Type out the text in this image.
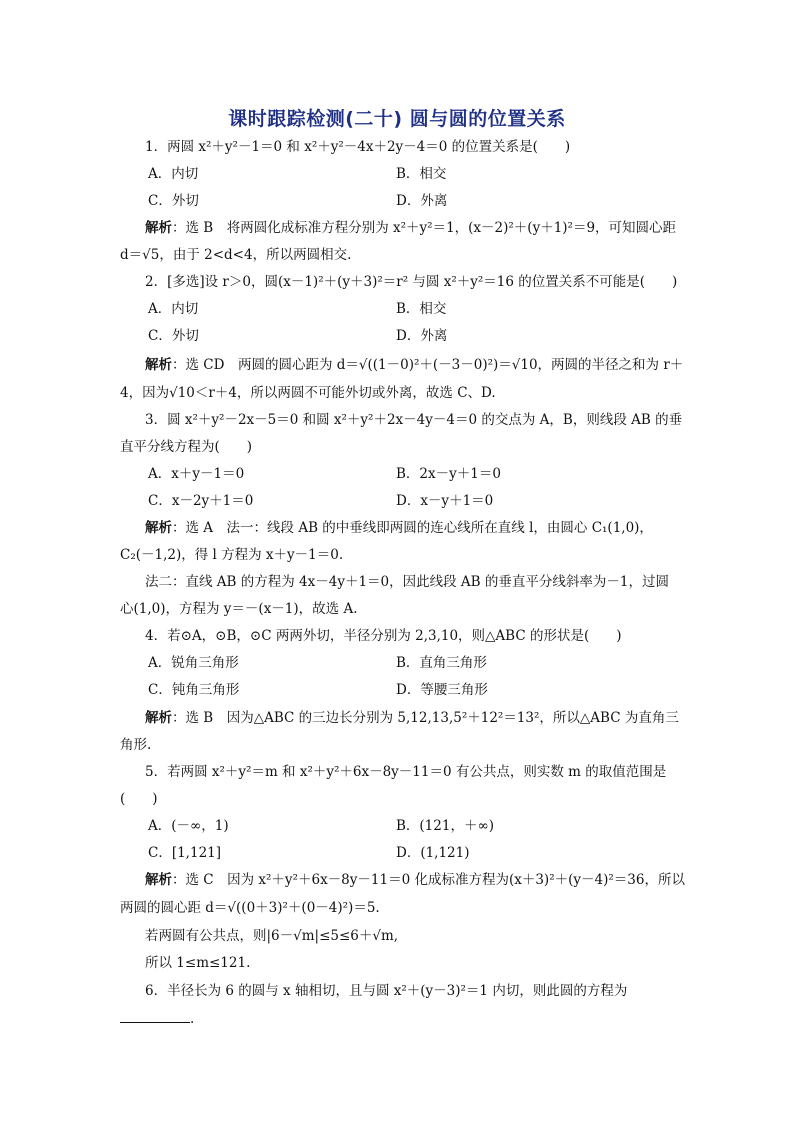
课时跟踪检测(二十) 圆与圆的位置关系
1．两圆 x²＋y²－1＝0 和 x²＋y²－4x＋2y－4＝0 的位置关系是(　　)
A．内切	B．相交
C．外切	D．外离
解析：选 B　将两圆化成标准方程分别为 x²＋y²＝1，(x－2)²＋(y＋1)²＝9，可知圆心距
d＝√5，由于 2<d<4，所以两圆相交.
2．[多选]设 r＞0，圆(x－1)²＋(y＋3)²＝r² 与圆 x²＋y²＝16 的位置关系不可能是(　　)
A．内切	B．相交
C．外切	D．外离
解析：选 CD　两圆的圆心距为 d＝√((1－0)²＋(－3－0)²)＝√10，两圆的半径之和为 r＋
4，因为√10＜r＋4，所以两圆不可能外切或外离，故选 C、D.
3．圆 x²＋y²－2x－5＝0 和圆 x²＋y²＋2x－4y－4＝0 的交点为 A，B，则线段 AB 的垂
直平分线方程为(　　)
A．x＋y－1＝0	B．2x－y＋1＝0
C．x－2y＋1＝0	D．x－y＋1＝0
解析：选 A　法一：线段 AB 的中垂线即两圆的连心线所在直线 l，由圆心 C₁(1,0)，
C₂(－1,2)，得 l 方程为 x＋y－1＝0.
法二：直线 AB 的方程为 4x－4y＋1＝0，因此线段 AB 的垂直平分线斜率为－1，过圆
心(1,0)，方程为 y＝－(x－1)，故选 A.
4．若⊙A，⊙B，⊙C 两两外切，半径分别为 2,3,10，则△ABC 的形状是(　　)
A．锐角三角形	B．直角三角形
C．钝角三角形	D．等腰三角形
解析：选 B　因为△ABC 的三边长分别为 5,12,13,5²＋12²＝13²，所以△ABC 为直角三
角形.
5．若两圆 x²＋y²＝m 和 x²＋y²＋6x－8y－11＝0 有公共点，则实数 m 的取值范围是
(　　)
A．(－∞，1)	B．(121，＋∞)
C．[1,121]	D．(1,121)
解析：选 C　因为 x²＋y²＋6x－8y－11＝0 化成标准方程为(x＋3)²＋(y－4)²＝36，所以
两圆的圆心距 d＝√((0＋3)²＋(0－4)²)＝5.
若两圆有公共点，则|6－√m|≤5≤6＋√m,
所以 1≤m≤121.
6．半径长为 6 的圆与 x 轴相切，且与圆 x²＋(y－3)²＝1 内切，则此圆的方程为
.
